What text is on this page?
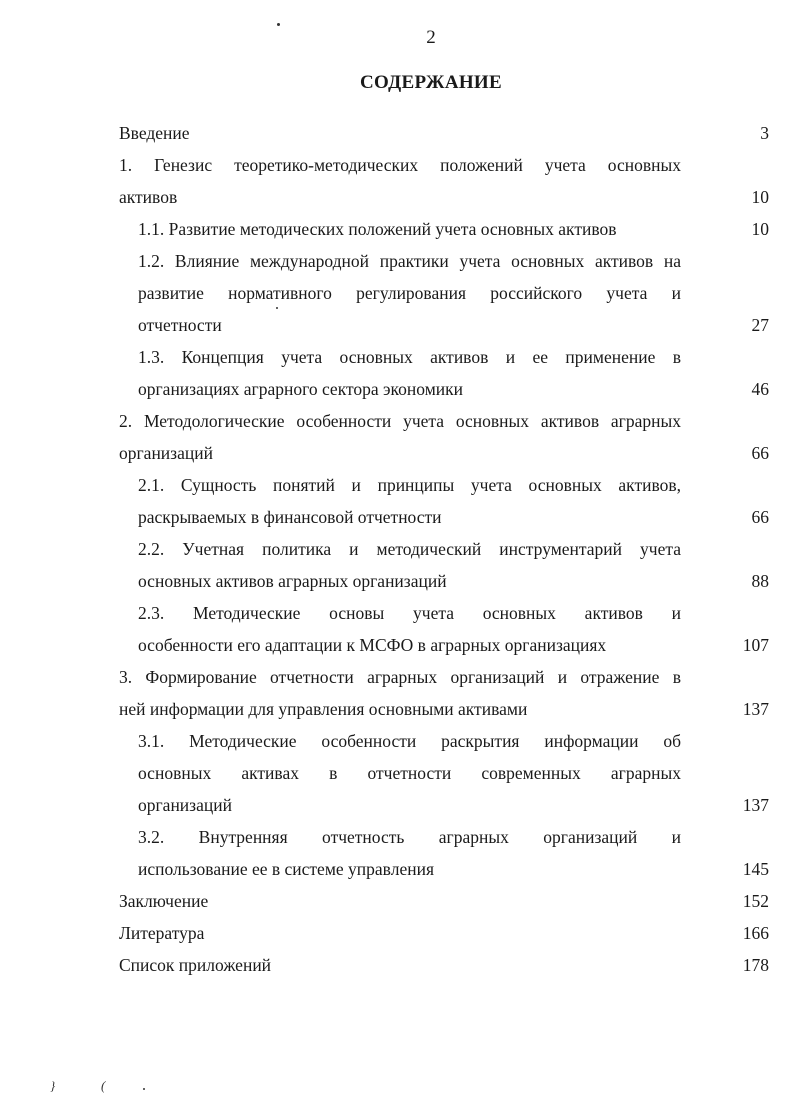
2
СОДЕРЖАНИЕ
Введение	3
1. Генезис теоретико-методических положений учета основных
активов	10
1.1. Развитие методических положений учета основных активов	10
1.2. Влияние международной практики учета основных активов на
развитие нормативного регулирования российского учета и
отчетности	27
1.3. Концепция учета основных активов и ее применение в
организациях аграрного сектора экономики	46
2. Методологические особенности учета основных активов аграрных
организаций	66
2.1. Сущность понятий и принципы учета основных активов,
раскрываемых в финансовой отчетности	66
2.2. Учетная политика и методический инструментарий учета
основных активов аграрных организаций	88
2.3. Методические основы учета основных активов и
особенности его адаптации к МСФО в аграрных организациях	107
3. Формирование отчетности аграрных организаций и отражение в
ней информации для управления основными активами	137
3.1. Методические особенности раскрытия информации об
основных активах в отчетности современных аграрных
организаций	137
3.2. Внутренняя отчетность аграрных организаций и
использование ее в системе управления	145
Заключение	152
Литература	166
Список приложений	178
}	(
